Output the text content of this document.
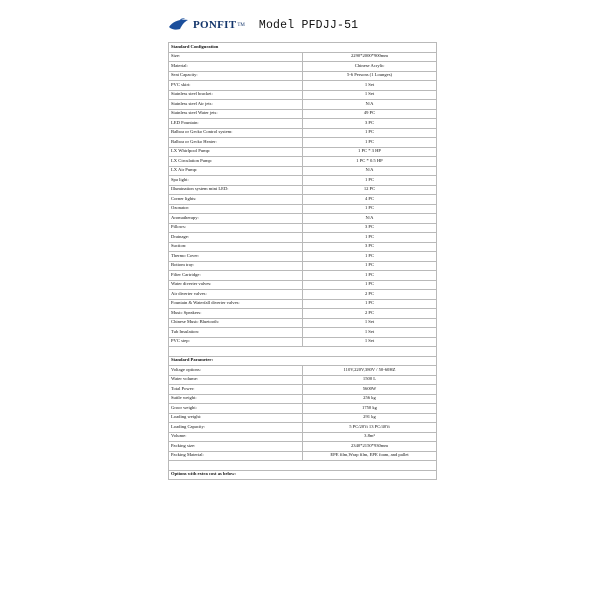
PONFIT TM Model PFDJJ-51
Standard Configuration	
Size:	2290*2000*900mm
Material:	Chinese Acrylic
Seat Capacity:	5-6 Persons (1 Lounges)
PVC skirt:	1 Set
Stainless steel bracket:	1 Set
Stainless steel Air jets:	N/A
Stainless steel Water jets:	49 PC
LED Fountain:	3 PC
Balboa or Gecko Control system:	1 PC
Balboa or Gecko Heater:	1 PC
LX Whirlpool Pump:	1 PC * 3 HP
LX Circulation Pump:	1 PC * 0.5 HP
LX Air Pump:	N/A
Spa light:	1 PC
Illumination system mini LED:	12 PC
Corner lights:	4 PC
Ozonator:	1 PC
Aromatherapy:	N/A
Pillows:	3 PC
Drainage:	1 PC
Suction:	3 PC
Thermo Cover:	1 PC
Bottom tray:	1 PC
Filter Cartridge:	1 PC
Water diverter valves:	1 PC
Air diverter valves:	2 PC
Fountain & Waterfall diverter valves:	1 PC
Music Speakers:	2 PC
Chinese Music Bluetooth:	1 Set
Tub Insulation:	1 Set
PVC step:	1 Set

Standard Parameter:	
Voltage options:	110V,220V,380V / 50-60HZ
Water volume:	1500 L
Total Power:	5600W
Suttle weight:	256 kg
Groor weight:	1750 kg
Loading weight:	291 kg
Loading Capacity:	5 PC/20'fi 13 PC/40'ft
Volume:	3.8m³
Packing size:	2340*2150*930mm
Packing Material:	EPE film,Wrap film, EPE foam, and pallet

Options with extra cost as below:	
